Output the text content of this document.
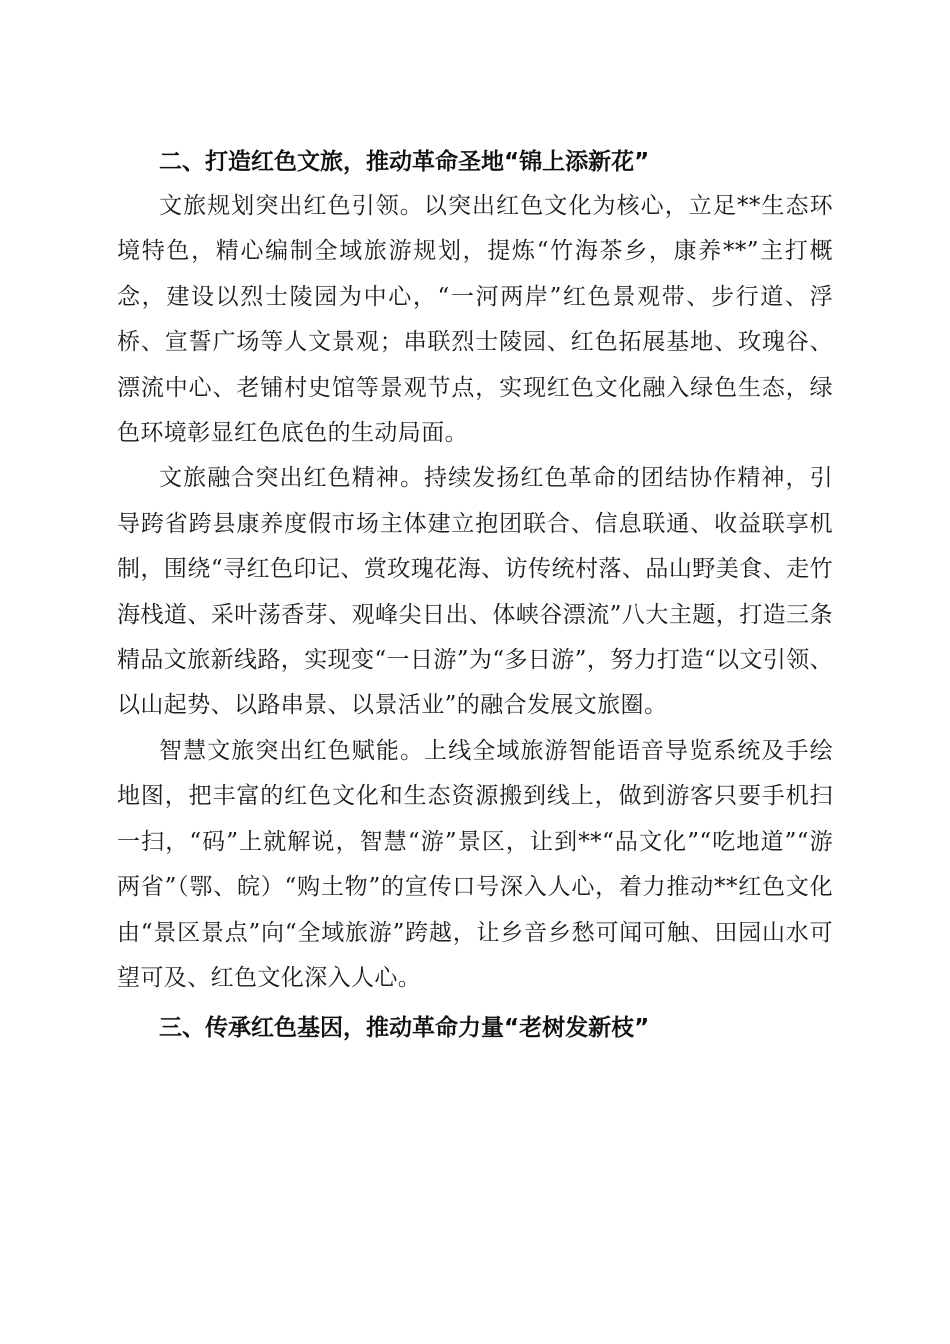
二、打造红色文旅，推动革命圣地“锦上添新花”

文旅规划突出红色引领。以突出红色文化为核心，立足**生态环境特色，精心编制全域旅游规划，提炼“竹海茶乡，康养**”主打概念，建设以烈士陵园为中心，“一河两岸”红色景观带、步行道、浮桥、宣誓广场等人文景观；串联烈士陵园、红色拓展基地、玫瑰谷、漂流中心、老铺村史馆等景观节点，实现红色文化融入绿色生态，绿色环境彰显红色底色的生动局面。

文旅融合突出红色精神。持续发扬红色革命的团结协作精神，引导跨省跨县康养度假市场主体建立抱团联合、信息联通、收益联享机制，围绕“寻红色印记、赏玫瑰花海、访传统村落、品山野美食、走竹海栈道、采叶荡香芽、观峰尖日出、体峡谷漂流”八大主题，打造三条精品文旅新线路，实现变“一日游”为“多日游”，努力打造“以文引领、以山起势、以路串景、以景活业”的融合发展文旅圈。

智慧文旅突出红色赋能。上线全域旅游智能语音导览系统及手绘地图，把丰富的红色文化和生态资源搬到线上，做到游客只要手机扫一扫，“码”上就解说，智慧“游”景区，让到**“品文化”“吃地道”“游两省”（鄂、皖）“购土物”的宣传口号深入人心，着力推动**红色文化由“景区景点”向“全域旅游”跨越，让乡音乡愁可闻可触、田园山水可望可及、红色文化深入人心。

三、传承红色基因，推动革命力量“老树发新枝”
